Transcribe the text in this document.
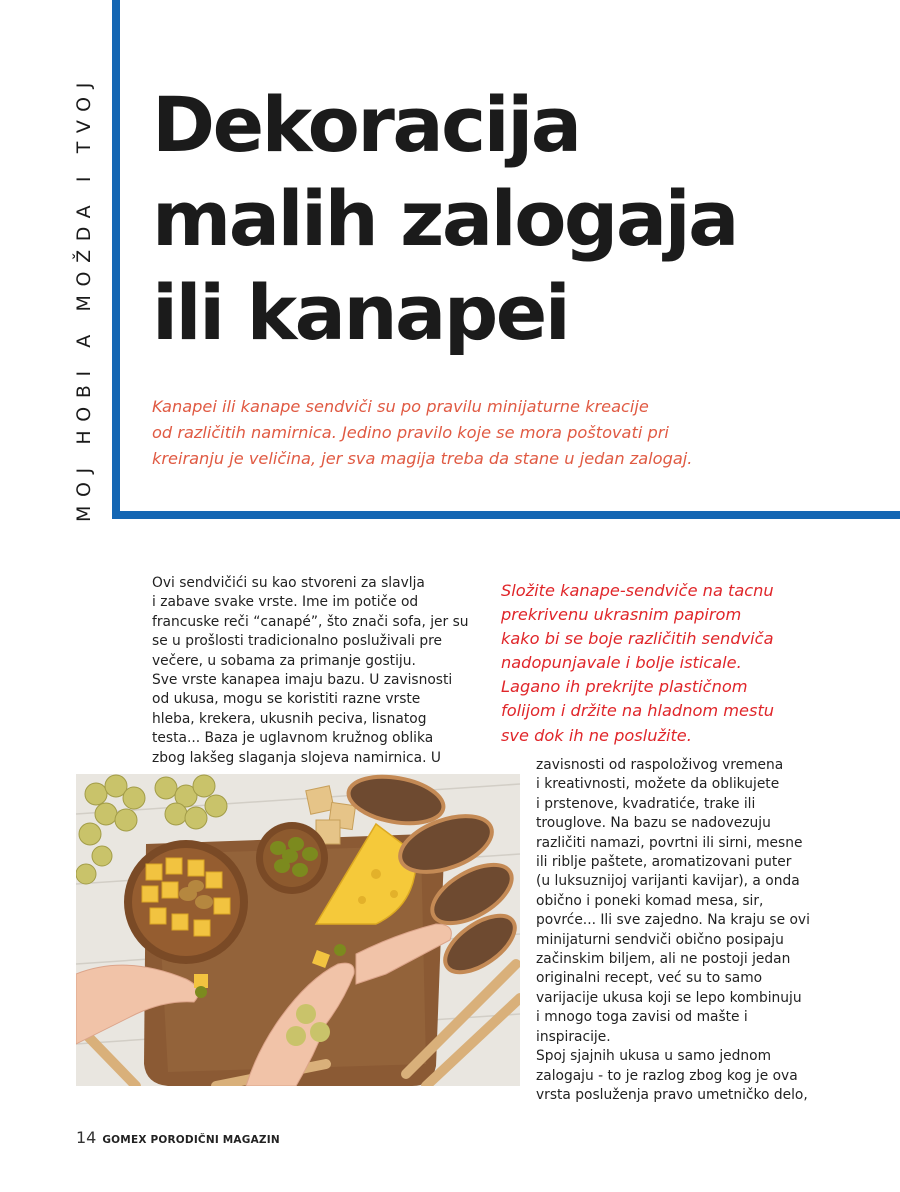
MOJ HOBI A MOŽDA I TVOJ Dekoracija
malih zalogaja
ili kanapei

Kanapei ili kanape sendviči su po pravilu minijaturne kreacije
od različitih namirnica. Jedino pravilo koje se mora poštovati pri
kreiranju je veličina, jer sva magija treba da stane u jedan zalogaj.

Ovi sendvičići su kao stvoreni za slavlja
i zabave svake vrste. Ime im potiče od
francuske reči “canapé”, što znači sofa, jer su
se u prošlosti tradicionalno posluživali pre
večere, u sobama za primanje gostiju.
Sve vrste kanapea imaju bazu. U zavisnosti
od ukusa, mogu se koristiti razne vrste
hleba, krekera, ukusnih peciva, lisnatog
testa... Baza je uglavnom kružnog oblika
zbog lakšeg slaganja slojeva namirnica. U
Složite kanape-sendviče na tacnu
prekrivenu ukrasnim papirom
kako bi se boje različitih sendviča
nadopunjavale i bolje isticale.
Lagano ih prekrijte plastičnom
folijom i držite na hladnom mestu
sve dok ih ne poslužite.
zavisnosti od raspoloživog vremena
i kreativnosti, možete da oblikujete
i prstenove, kvadratiće, trake ili
trouglove. Na bazu se nadovezuju
različiti namazi, povrtni ili sirni, mesne
ili riblje paštete, aromatizovani puter
(u luksuznijoj varijanti kavijar), a onda
obično i poneki komad mesa, sir,
povrće... Ili sve zajedno. Na kraju se ovi
minijaturni sendviči obično posipaju
začinskim biljem, ali ne postoji jedan
originalni recept, već su to samo
varijacije ukusa koji se lepo kombinuju
i mnogo toga zavisi od mašte i
inspiracije.
Spoj sjajnih ukusa u samo jednom
zalogaju - to je razlog zbog kog je ova
vrsta posluženja pravo umetničko delo,
14 GOMEX PORODIČNI MAGAZIN
